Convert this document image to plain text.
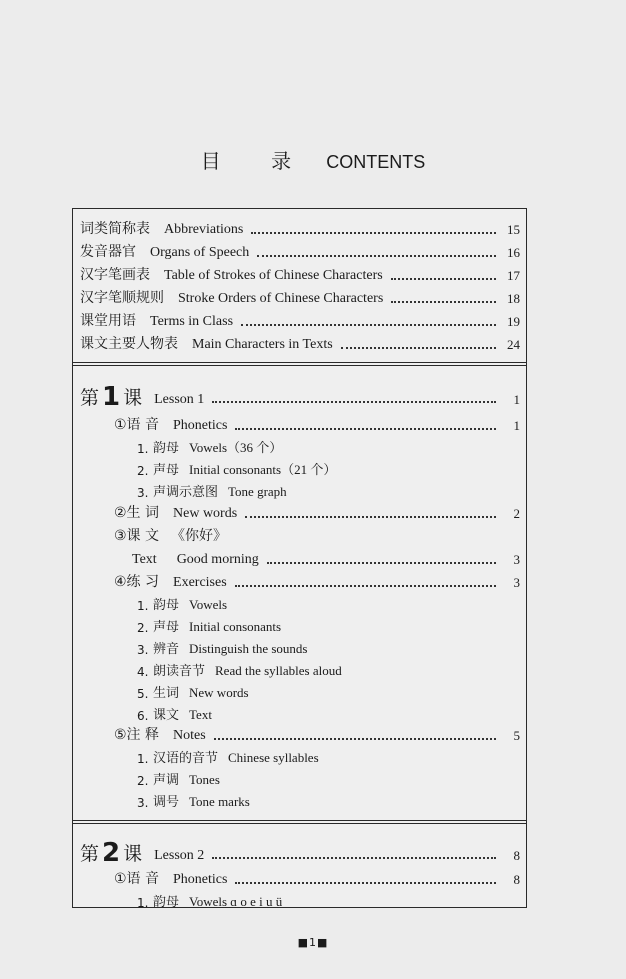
目 录 CONTENTS
词类简称表 Abbreviations	15
发音器官 Organs of Speech	16
汉字笔画表 Table of Strokes of Chinese Characters	17
汉字笔顺规则 Stroke Orders of Chinese Characters	18
课堂用语 Terms in Class	19
课文主要人物表 Main Characters in Texts	24
第 1 课 Lesson 1	1
①语 音 Phonetics	1
1. 韵母 Vowels（36 个）
2. 声母 Initial consonants（21 个）
3. 声调示意图 Tone graph
②生 词 New words	2
③课 文 《你好》
Text Good morning	3
④练 习 Exercises	3
1. 韵母 Vowels
2. 声母 Initial consonants
3. 辨音 Distinguish the sounds
4. 朗读音节 Read the syllables aloud
5. 生词 New words
6. 课文 Text
⑤注 释 Notes	5
1. 汉语的音节 Chinese syllables
2. 声调 Tones
3. 调号 Tone marks
第 2 课 Lesson 2	8
①语 音 Phonetics	8
1. 韵母 Vowels ɑ o e i u ü
■1■
